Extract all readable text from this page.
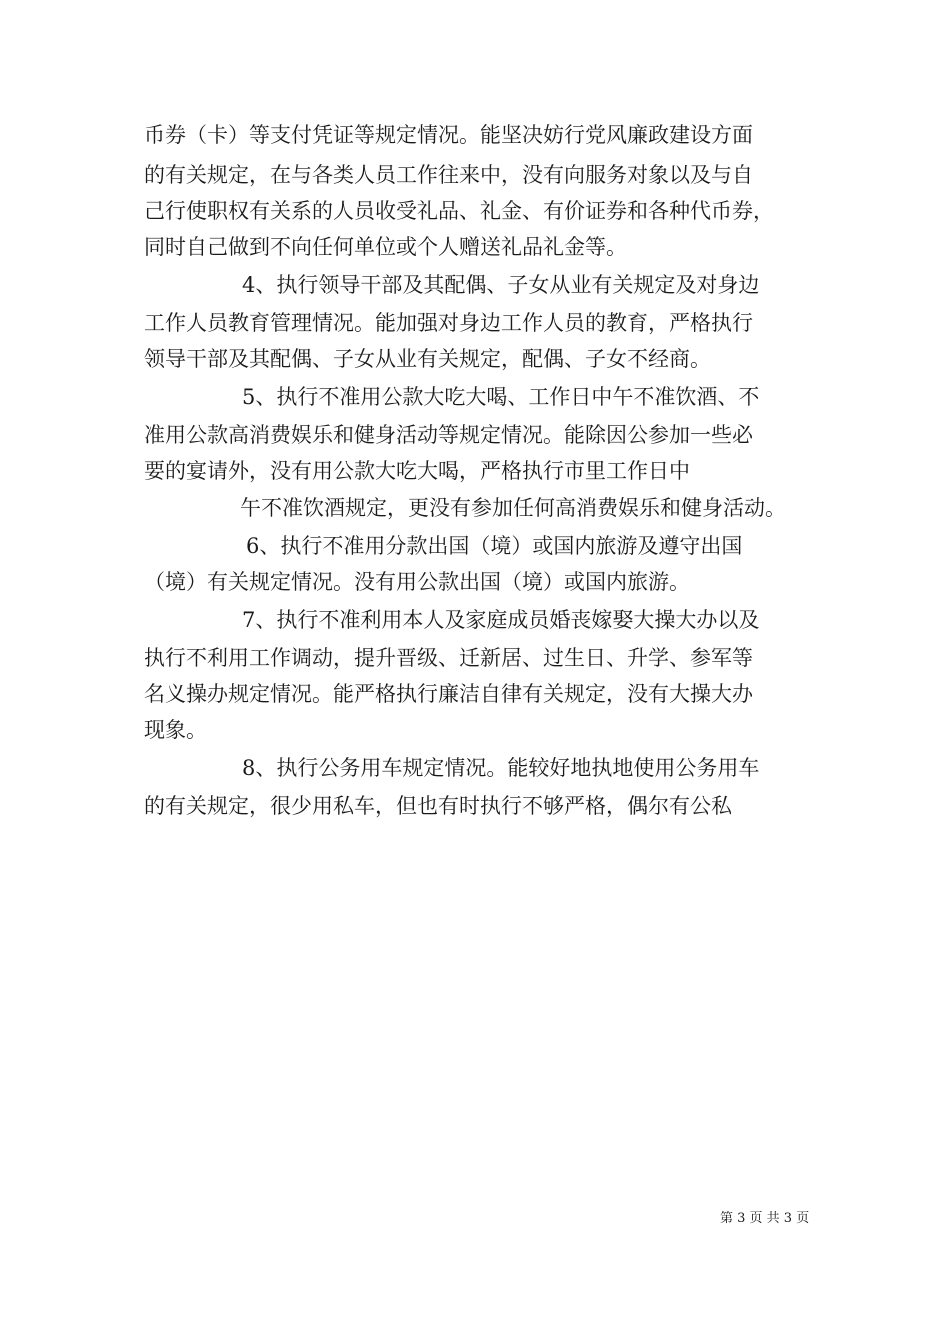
币券（卡）等支付凭证等规定情况。能坚决妨行党风廉政建设方面
的有关规定，在与各类人员工作往来中，没有向服务对象以及与自
己行使职权有关系的人员收受礼品、礼金、有价证券和各种代币券，
同时自己做到不向任何单位或个人赠送礼品礼金等。
4、执行领导干部及其配偶、子女从业有关规定及对身边
工作人员教育管理情况。能加强对身边工作人员的教育，严格执行
领导干部及其配偶、子女从业有关规定，配偶、子女不经商。
5、执行不准用公款大吃大喝、工作日中午不准饮酒、不
准用公款高消费娱乐和健身活动等规定情况。能除因公参加一些必
要的宴请外，没有用公款大吃大喝，严格执行市里工作日中
午不准饮酒规定，更没有参加任何高消费娱乐和健身活动。
6、执行不准用分款出国（境）或国内旅游及遵守出国
（境）有关规定情况。没有用公款出国（境）或国内旅游。
7、执行不准利用本人及家庭成员婚丧嫁娶大操大办以及
执行不利用工作调动，提升晋级、迁新居、过生日、升学、参军等
名义操办规定情况。能严格执行廉洁自律有关规定，没有大操大办
现象。
8、执行公务用车规定情况。能较好地执地使用公务用车
的有关规定，很少用私车，但也有时执行不够严格，偶尔有公私
第 3 页 共 3 页
